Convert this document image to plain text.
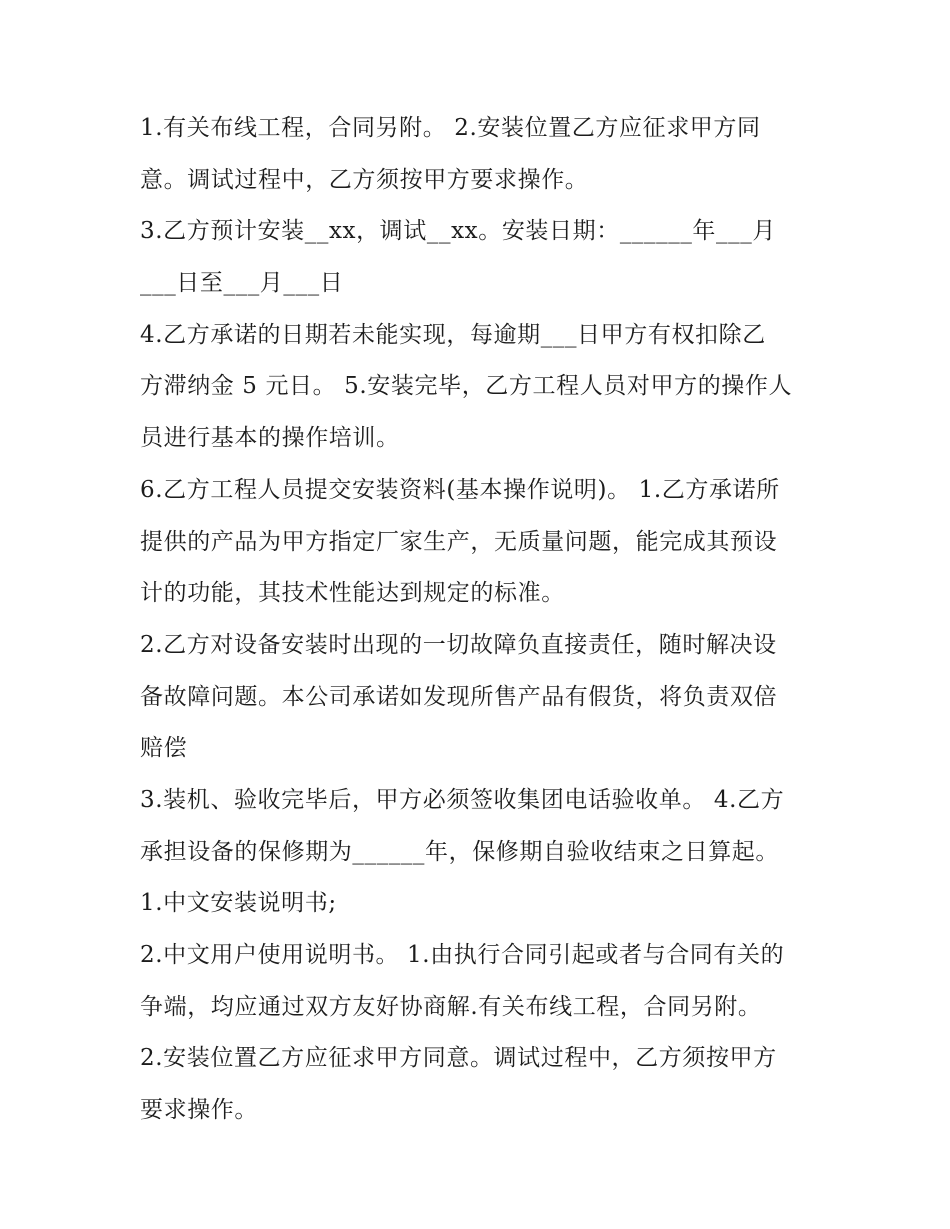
1.有关布线工程，合同另附。 2.安装位置乙方应征求甲方同

意。调试过程中，乙方须按甲方要求操作。

3.乙方预计安装__xx，调试__xx。安装日期：______年___月

___日至___月___日

4.乙方承诺的日期若未能实现，每逾期___日甲方有权扣除乙

方滞纳金 5 元日。 5.安装完毕，乙方工程人员对甲方的操作人

员进行基本的操作培训。

6.乙方工程人员提交安装资料(基本操作说明)。 1.乙方承诺所

提供的产品为甲方指定厂家生产，无质量问题，能完成其预设

计的功能，其技术性能达到规定的标准。

2.乙方对设备安装时出现的一切故障负直接责任，随时解决设

备故障问题。本公司承诺如发现所售产品有假货，将负责双倍

赔偿

3.装机、验收完毕后，甲方必须签收集团电话验收单。 4.乙方

承担设备的保修期为______年，保修期自验收结束之日算起。

1.中文安装说明书;

2.中文用户使用说明书。 1.由执行合同引起或者与合同有关的

争端，均应通过双方友好协商解.有关布线工程，合同另附。

2.安装位置乙方应征求甲方同意。调试过程中，乙方须按甲方

要求操作。
